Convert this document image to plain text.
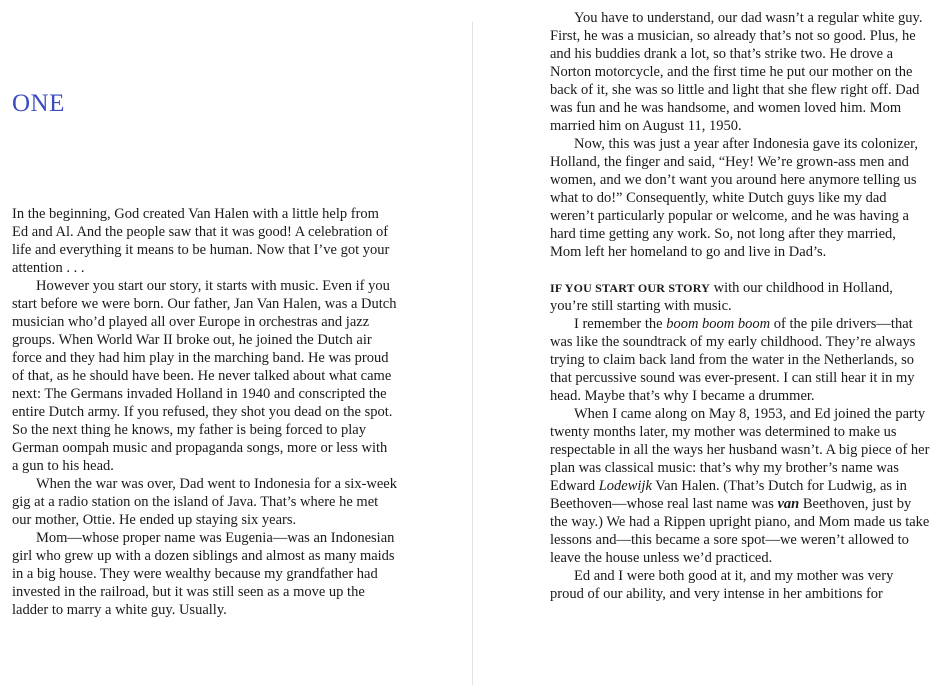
ONE

In the beginning, God created Van Halen with a little help from Ed and Al. And the people saw that it was good! A celebration of life and everything it means to be human. Now that I’ve got your attention . . .

However you start our story, it starts with music. Even if you start before we were born. Our father, Jan Van Halen, was a Dutch musician who’d played all over Europe in orchestras and jazz groups. When World War II broke out, he joined the Dutch air force and they had him play in the marching band. He was proud of that, as he should have been. He never talked about what came next: The Germans invaded Holland in 1940 and conscripted the entire Dutch army. If you refused, they shot you dead on the spot. So the next thing he knows, my father is being forced to play German oompah music and propaganda songs, more or less with a gun to his head.

When the war was over, Dad went to Indonesia for a six-week gig at a radio station on the island of Java. That’s where he met our mother, Ottie. He ended up staying six years.

Mom—whose proper name was Eugenia—was an Indonesian girl who grew up with a dozen siblings and almost as many maids in a big house. They were wealthy because my grandfather had invested in the railroad, but it was still seen as a move up the ladder to marry a white guy. Usually.

You have to understand, our dad wasn’t a regular white guy. First, he was a musician, so already that’s not so good. Plus, he and his buddies drank a lot, so that’s strike two. He drove a Norton motorcycle, and the first time he put our mother on the back of it, she was so little and light that she flew right off. Dad was fun and he was handsome, and women loved him. Mom married him on August 11, 1950.

Now, this was just a year after Indonesia gave its colonizer, Holland, the finger and said, “Hey! We’re grown-ass men and women, and we don’t want you around here anymore telling us what to do!” Consequently, white Dutch guys like my dad weren’t particularly popular or welcome, and he was having a hard time getting any work. So, not long after they married, Mom left her homeland to go and live in Dad’s.

IF YOU START OUR STORY with our childhood in Holland, you’re still starting with music.

I remember the boom boom boom of the pile drivers—that was like the soundtrack of my early childhood. They’re always trying to claim back land from the water in the Netherlands, so that percussive sound was ever-present. I can still hear it in my head. Maybe that’s why I became a drummer.

When I came along on May 8, 1953, and Ed joined the party twenty months later, my mother was determined to make us respectable in all the ways her husband wasn’t. A big piece of her plan was classical music: that’s why my brother’s name was Edward Lodewijk Van Halen. (That’s Dutch for Ludwig, as in Beethoven—whose real last name was van Beethoven, just by the way.) We had a Rippen upright piano, and Mom made us take lessons and—this became a sore spot—we weren’t allowed to leave the house unless we’d practiced.

Ed and I were both good at it, and my mother was very proud of our ability, and very intense in her ambitions for
